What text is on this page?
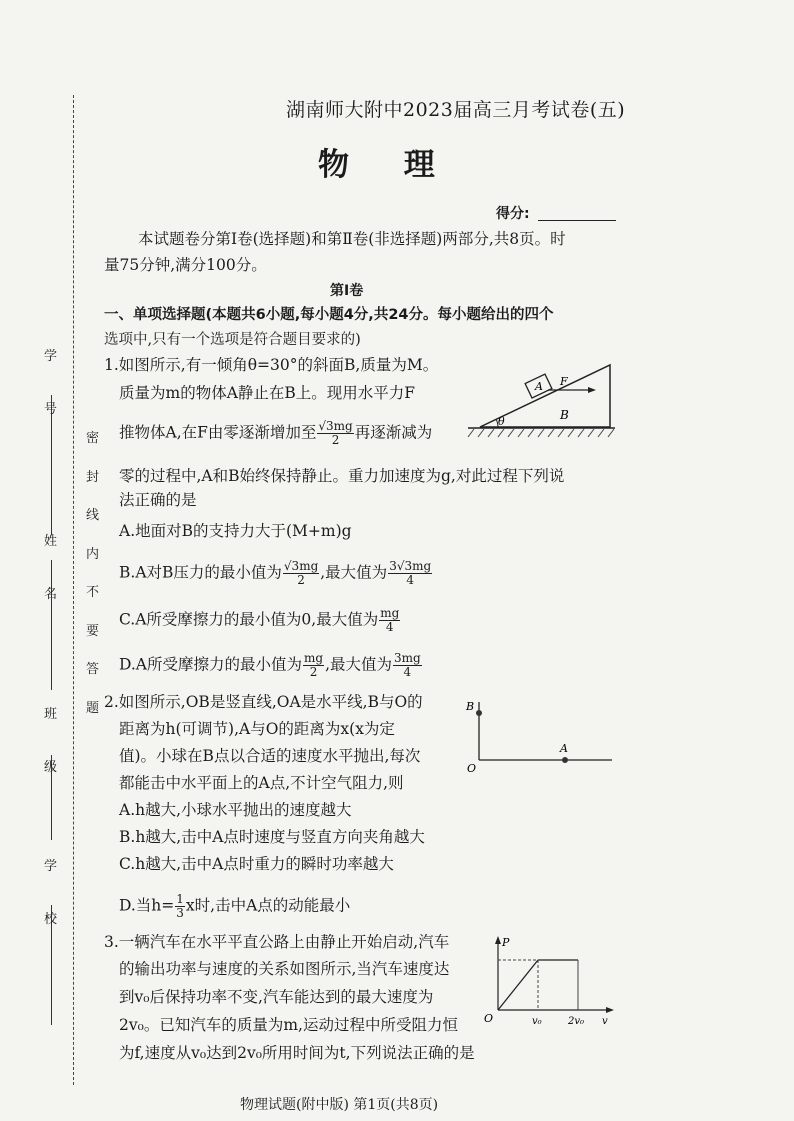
学
号
姓
名
班
级
学
校
密封线内不要答题
湖南师大附中2023届高三月考试卷(五)
物 理
得分:
本试题卷分第Ⅰ卷(选择题)和第Ⅱ卷(非选择题)两部分,共8页。时
量75分钟,满分100分。
第Ⅰ卷
一、单项选择题(本题共6小题,每小题4分,共24分。每小题给出的四个
选项中,只有一个选项是符合题目要求的)
1.如图所示,有一倾角θ=30°的斜面B,质量为M。
质量为m的物体A静止在B上。现用水平力F
推物体A,在F由零逐渐增加至 $\frac{√3mg}{2}$ 再逐渐减为
零的过程中,A和B始终保持静止。重力加速度为g,对此过程下列说
法正确的是
A.地面对B的支持力大于(M+m)g
B.A对B压力的最小值为 $\frac{√3mg}{2}$ ,最大值为 $\frac{3√3mg}{4}$
C.A所受摩擦力的最小值为0,最大值为 $\frac{mg}{4}$
D.A所受摩擦力的最小值为 $\frac{mg}{2}$ ,最大值为 $\frac{3mg}{4}$
A F
B
θ
2.如图所示,OB是竖直线,OA是水平线,B与O的
距离为h(可调节),A与O的距离为x(x为定
值)。小球在B点以合适的速度水平抛出,每次
都能击中水平面上的A点,不计空气阻力,则
A.h越大,小球水平抛出的速度越大
B.h越大,击中A点时速度与竖直方向夹角越大
C.h越大,击中A点时重力的瞬时功率越大
D.当$h= \frac{1}{3}$ x时,击中A点的动能最小
B
O
A
3.一辆汽车在水平平直公路上由静止开始启动,汽车
的输出功率与速度的关系如图所示,当汽车速度达
到v₀后保持功率不变,汽车能达到的最大速度为
2v₀。已知汽车的质量为m,运动过程中所受阻力恒
为f,速度从v₀达到2v₀所用时间为t,下列说法正确的是
P
O	v₀	2v₀ v
物理试题(附中版) 第1页(共8页)
